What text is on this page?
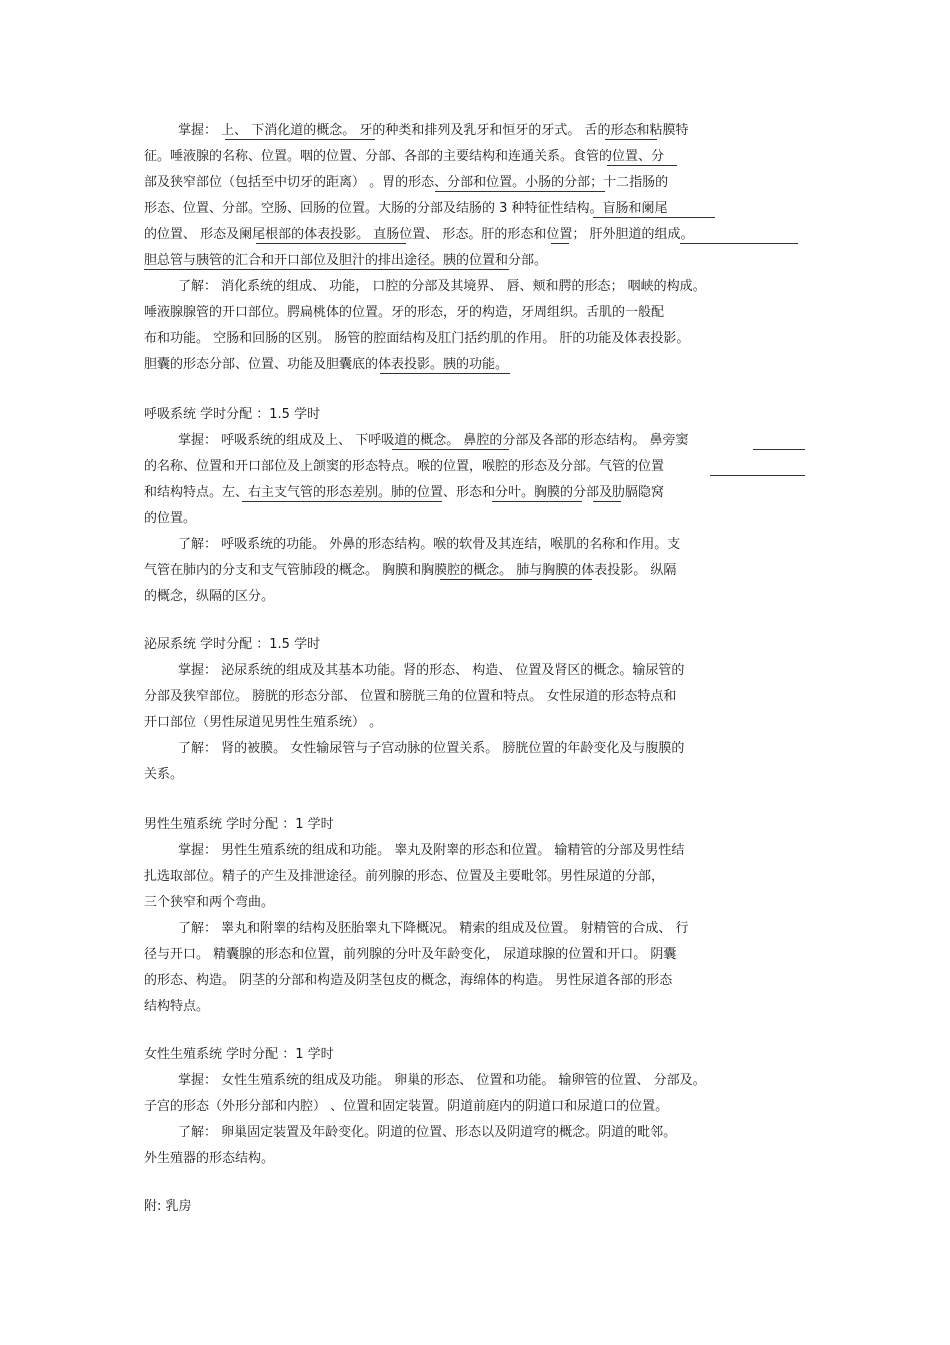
掌握： 上、 下消化道的概念。 牙的种类和排列及乳牙和恒牙的牙式。 舌的形态和粘膜特
征。唾液腺的名称、位置。咽的位置、分部、各部的主要结构和连通关系。食管的位置、分
部及狭窄部位（包括至中切牙的距离） 。胃的形态、分部和位置。小肠的分部；十二指肠的
形态、位置、分部。空肠、回肠的位置。大肠的分部及结肠的 3 种特征性结构。盲肠和阑尾
的位置、 形态及阑尾根部的体表投影。 直肠位置、 形态。肝的形态和位置； 肝外胆道的组成。
胆总管与胰管的汇合和开口部位及胆汁的排出途径。胰的位置和分部。
了解： 消化系统的组成、 功能， 口腔的分部及其境界、 唇、颊和腭的形态； 咽峡的构成。
唾液腺腺管的开口部位。腭扁桃体的位置。牙的形态，牙的构造，牙周组织。舌肌的一般配
布和功能。 空肠和回肠的区别。 肠管的腔面结构及肛门括约肌的作用。 肝的功能及体表投影。
胆囊的形态分部、位置、功能及胆囊底的体表投影。胰的功能。
呼吸系统 学时分配 ：1.5 学时
掌握： 呼吸系统的组成及上、 下呼吸道的概念。 鼻腔的分部及各部的形态结构。 鼻旁窦
的名称、位置和开口部位及上颌窦的形态特点。喉的位置，喉腔的形态及分部。气管的位置
和结构特点。左、右主支气管的形态差别。肺的位置、形态和分叶。胸膜的分部及肋膈隐窝
的位置。
了解： 呼吸系统的功能。 外鼻的形态结构。喉的软骨及其连结，喉肌的名称和作用。支
气管在肺内的分支和支气管肺段的概念。 胸膜和胸膜腔的概念。 肺与胸膜的体表投影。 纵隔
的概念，纵隔的区分。
泌尿系统 学时分配 ：1.5 学时
掌握： 泌尿系统的组成及其基本功能。肾的形态、 构造、 位置及肾区的概念。输尿管的
分部及狭窄部位。 膀胱的形态分部、 位置和膀胱三角的位置和特点。 女性尿道的形态特点和
开口部位（男性尿道见男性生殖系统） 。
了解： 肾的被膜。 女性输尿管与子宫动脉的位置关系。 膀胱位置的年龄变化及与腹膜的
关系。
男性生殖系统 学时分配 ：1 学时
掌握： 男性生殖系统的组成和功能。 睾丸及附睾的形态和位置。 输精管的分部及男性结
扎选取部位。精子的产生及排泄途径。前列腺的形态、位置及主要毗邻。男性尿道的分部，
三个狭窄和两个弯曲。
了解： 睾丸和附睾的结构及胚胎睾丸下降概况。 精索的组成及位置。 射精管的合成、 行
径与开口。 精囊腺的形态和位置，前列腺的分叶及年龄变化， 尿道球腺的位置和开口。 阴囊
的形态、构造。 阴茎的分部和构造及阴茎包皮的概念，海绵体的构造。 男性尿道各部的形态
结构特点。
女性生殖系统 学时分配 ：1 学时
掌握： 女性生殖系统的组成及功能。 卵巢的形态、 位置和功能。 输卵管的位置、 分部及。
子宫的形态（外形分部和内腔） 、位置和固定装置。阴道前庭内的阴道口和尿道口的位置。
了解： 卵巢固定装置及年龄变化。阴道的位置、形态以及阴道穹的概念。阴道的毗邻。
外生殖器的形态结构。
附: 乳房
